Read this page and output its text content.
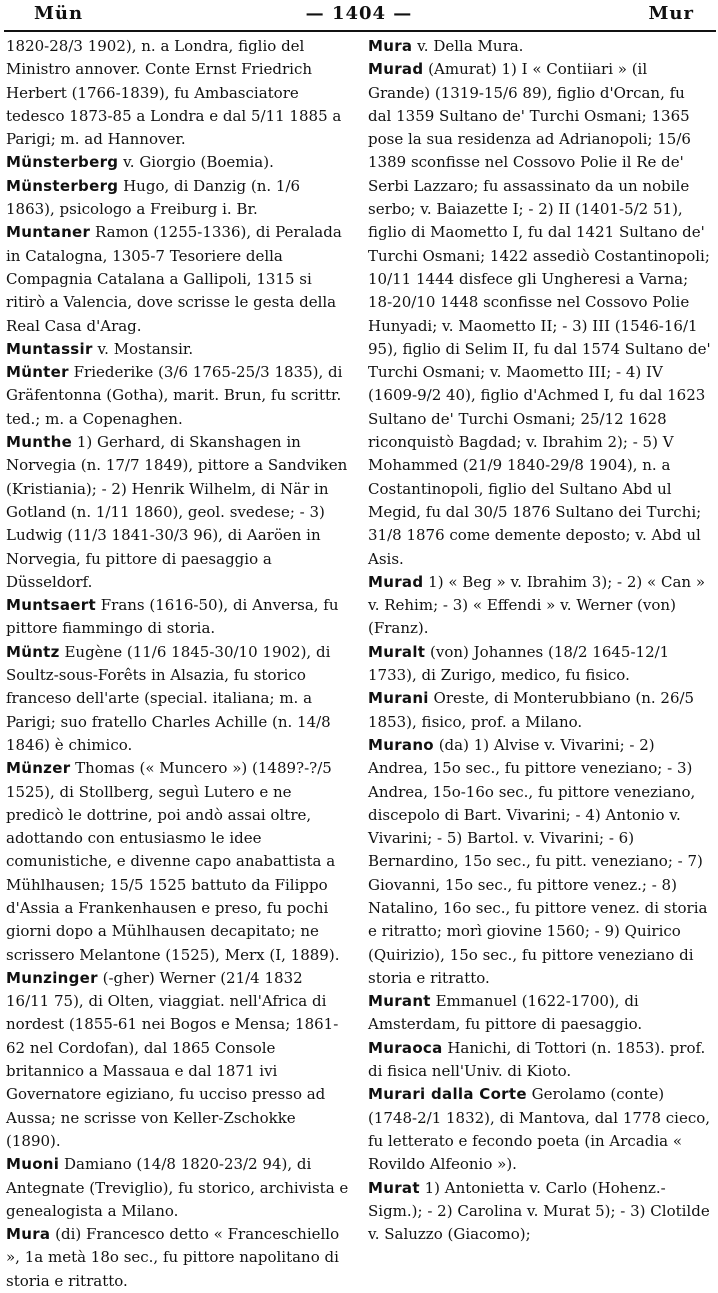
Mün	— 1404 —	Mur

1820-28/3 1902), n. a Londra, figlio del Ministro annover. Conte Ernst Friedrich Herbert (1766-1839), fu Ambasciatore tedesco 1873-85 a Londra e dal 5/11 1885 a Parigi; m. ad Hannover.

Münsterberg v. Giorgio (Boemia).

Münsterberg Hugo, di Danzig (n. 1/6 1863), psicologo a Freiburg i. Br.

Muntaner Ramon (1255-1336), di Peralada in Catalogna, 1305-7 Tesoriere della Compagnia Catalana a Gallipoli, 1315 si ritirò a Valencia, dove scrisse le gesta della Real Casa d'Arag.

Muntassir v. Mostansir.

Münter Friederike (3/6 1765-25/3 1835), di Gräfentonna (Gotha), marit. Brun, fu scrittr. ted.; m. a Copenaghen.

Munthe 1) Gerhard, di Skanshagen in Norvegia (n. 17/7 1849), pittore a Sandviken (Kristiania); - 2) Henrik Wilhelm, di När in Gotland (n. 1/11 1860), geol. svedese; - 3) Ludwig (11/3 1841-30/3 96), di Aaröen in Norvegia, fu pittore di paesaggio a Düsseldorf.

Muntsaert Frans (1616-50), di Anversa, fu pittore fiammingo di storia.

Müntz Eugène (11/6 1845-30/10 1902), di Soultz-sous-Forêts in Alsazia, fu storico franceso dell'arte (special. italiana; m. a Parigi; suo fratello Charles Achille (n. 14/8 1846) è chimico.

Münzer Thomas (« Muncero ») (1489?-?/5 1525), di Stollberg, seguì Lutero e ne predicò le dottrine, poi andò assai oltre, adottando con entusiasmo le idee comunistiche, e divenne capo anabattista a Mühlhausen; 15/5 1525 battuto da Filippo d'Assia a Frankenhausen e preso, fu pochi giorni dopo a Mühlhausen decapitato; ne scrissero Melantone (1525), Merx (I, 1889).

Munzinger (-gher) Werner (21/4 1832 16/11 75), di Olten, viaggiat. nell'Africa di nordest (1855-61 nei Bogos e Mensa; 1861-62 nel Cordofan), dal 1865 Console britannico a Massaua e dal 1871 ivi Governatore egiziano, fu ucciso presso ad Aussa; ne scrisse von Keller-Zschokke (1890).

Muoni Damiano (14/8 1820-23/2 94), di Antegnate (Treviglio), fu storico, archivista e genealogista a Milano.

Mura (di) Francesco detto « Franceschiello », 1a metà 18o sec., fu pittore napolitano di storia e ritratto.

Mura v. Della Mura.

Murad (Amurat) 1) I « Contiiari » (il Grande) (1319-15/6 89), figlio d'Orcan, fu dal 1359 Sultano de' Turchi Osmani; 1365 pose la sua residenza ad Adrianopoli; 15/6 1389 sconfisse nel Cossovo Polie il Re de' Serbi Lazzaro; fu assassinato da un nobile serbo; v. Baiazette I; - 2) II (1401-5/2 51), figlio di Maometto I, fu dal 1421 Sultano de' Turchi Osmani; 1422 assediò Costantinopoli; 10/11 1444 disfece gli Ungheresi a Varna; 18-20/10 1448 sconfisse nel Cossovo Polie Hunyadi; v. Maometto II; - 3) III (1546-16/1 95), figlio di Selim II, fu dal 1574 Sultano de' Turchi Osmani; v. Maometto III; - 4) IV (1609-9/2 40), figlio d'Achmed I, fu dal 1623 Sultano de' Turchi Osmani; 25/12 1628 riconquistò Bagdad; v. Ibrahim 2); - 5) V Mohammed (21/9 1840-29/8 1904), n. a Costantinopoli, figlio del Sultano Abd ul Megid, fu dal 30/5 1876 Sultano dei Turchi; 31/8 1876 come demente deposto; v. Abd ul Asis.

Murad 1) « Beg » v. Ibrahim 3); - 2) « Can » v. Rehim; - 3) « Effendi » v. Werner (von) (Franz).

Muralt (von) Johannes (18/2 1645-12/1 1733), di Zurigo, medico, fu fisico.

Murani Oreste, di Monterubbiano (n. 26/5 1853), fisico, prof. a Milano.

Murano (da) 1) Alvise v. Vivarini; - 2) Andrea, 15o sec., fu pittore veneziano; - 3) Andrea, 15o-16o sec., fu pittore veneziano, discepolo di Bart. Vivarini; - 4) Antonio v. Vivarini; - 5) Bartol. v. Vivarini; - 6) Bernardino, 15o sec., fu pitt. veneziano; - 7) Giovanni, 15o sec., fu pittore venez.; - 8) Natalino, 16o sec., fu pittore venez. di storia e ritratto; morì giovine 1560; - 9) Quirico (Quirizio), 15o sec., fu pittore veneziano di storia e ritratto.

Murant Emmanuel (1622-1700), di Amsterdam, fu pittore di paesaggio.

Muraoca Hanichi, di Tottori (n. 1853). prof. di fisica nell'Univ. di Kioto.

Murari dalla Corte Gerolamo (conte) (1748-2/1 1832), di Mantova, dal 1778 cieco, fu letterato e fecondo poeta (in Arcadia « Rovildo Alfeonio »).

Murat 1) Antonietta v. Carlo (Hohenz.-Sigm.); - 2) Carolina v. Murat 5); - 3) Clotilde v. Saluzzo (Giacomo);
